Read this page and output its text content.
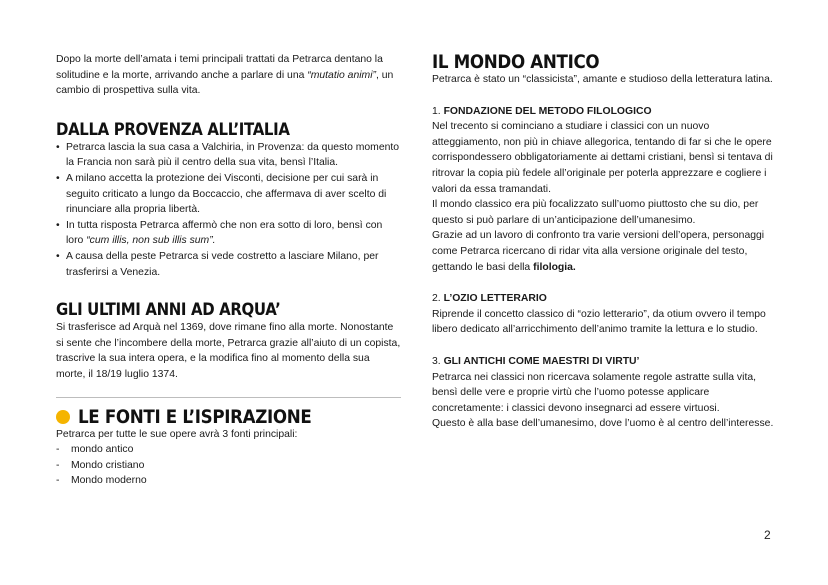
Dopo la morte dell’amata i temi principali trattati da Petrarca dentano la solitudine e la morte, arrivando anche a parlare di una “mutatio animi”, un cambio di prospettiva sulla vita.

DALLA PROVENZA ALL’ITALIA
• Petrarca lascia la sua casa a Valchiria, in Provenza: da questo momento la Francia non sarà più il centro della sua vita, bensì l’Italia.
• A milano accetta la protezione dei Visconti, decisione per cui sarà in seguito criticato a lungo da Boccaccio, che affermava di aver scelto di rinunciare alla propria libertà.
• In tutta risposta Petrarca affermò che non era sotto di loro, bensì con loro “cum illis, non sub illis sum”.
• A causa della peste Petrarca si vede costretto a lasciare Milano, per trasferirsi a Venezia.
GLI ULTIMI ANNI AD ARQUA’

Si trasferisce ad Arquà nel 1369, dove rimane fino alla morte. Nonostante si sente che l’incombere della morte, Petrarca grazie all’aiuto di un copista, trascrive la sua intera opera, e la modifica fino al momento della sua morte, il 18/19 luglio 1374.

LE FONTI E L’ISPIRAZIONE

Petrarca per tutte le sue opere avrà 3 fonti principali:

- mondo antico
- Mondo cristiano
- Mondo moderno
IL MONDO ANTICO

Petrarca è stato un “classicista”, amante e studioso della letteratura latina.

1. FONDAZIONE DEL METODO FILOLOGICO

Nel trecento si cominciano a studiare i classici con un nuovo atteggiamento, non più in chiave allegorica, tentando di far si che le opere corrispondessero obbligatoriamente ai dettami cristiani, bensì si tentava di ritrovar la copia più fedele all’originale per poterla apprezzare e cogliere i valori da essa tramandati.

Il mondo classico era più focalizzato sull’uomo piuttosto che su dio, per questo si può parlare di un’anticipazione dell’umanesimo.

Grazie ad un lavoro di confronto tra varie versioni dell’opera, personaggi come Petrarca ricercano di ridar vita alla versione originale del testo, gettando le basi della filologia.

2. L’OZIO LETTERARIO

Riprende il concetto classico di “ozio letterario”, da otium ovvero il tempo libero dedicato all’arricchimento dell’animo tramite la lettura e lo studio.

3. GLI ANTICHI COME MAESTRI DI VIRTU’

Petrarca nei classici non ricercava solamente regole astratte sulla vita, bensì delle vere e proprie virtù che l’uomo potesse applicare concretamente: i classici devono insegnarci ad essere virtuosi.

Questo è alla base dell’umanesimo, dove l’uomo è al centro dell’interesse.

2
